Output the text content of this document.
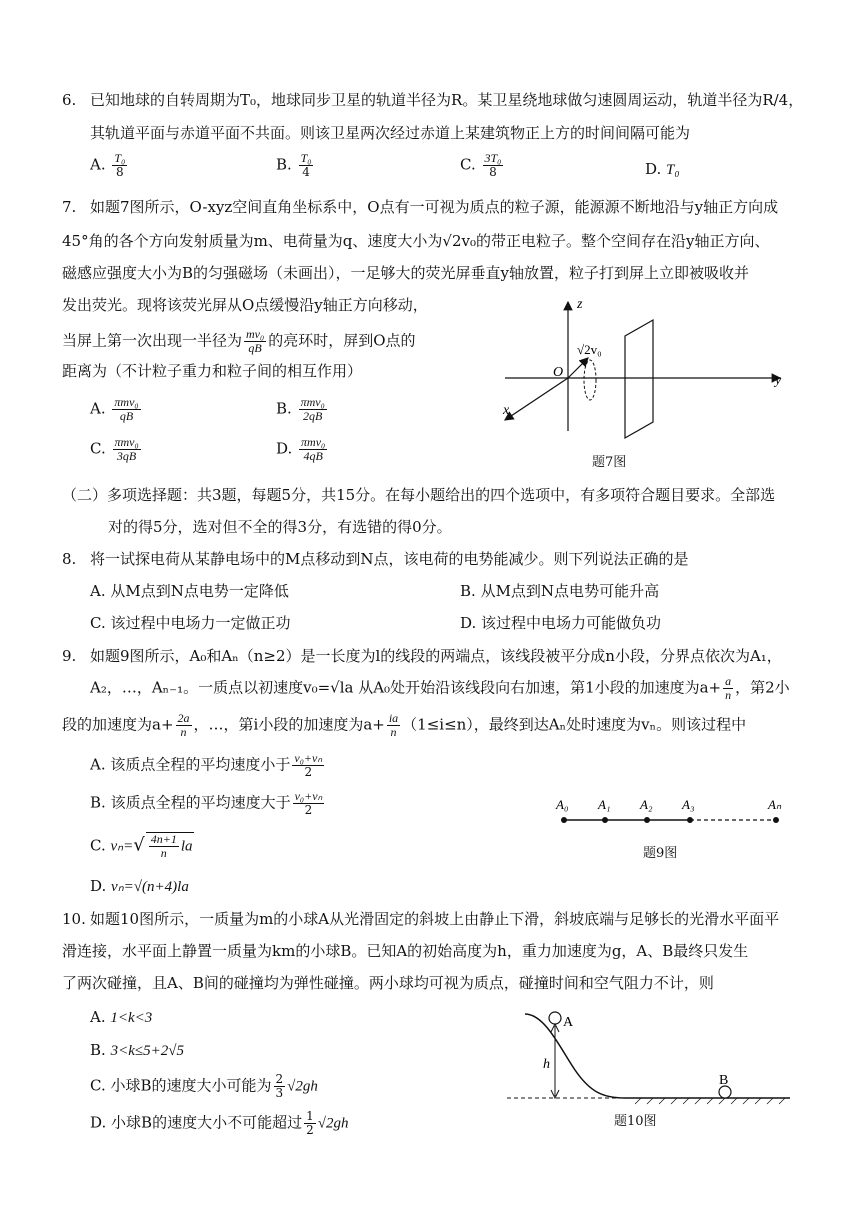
6. 已知地球的自转周期为T₀，地球同步卫星的轨道半径为R。某卫星绕地球做匀速圆周运动，轨道半径为R/4，
其轨道平面与赤道平面不共面。则该卫星两次经过赤道上某建筑物正上方的时间间隔可能为
A. $\frac{\text{T₀}}{8}$	B. $\frac{\text{T₀}}{4}$	C. $\frac{\text{3T₀}}{8}$	D. T₀
7. 如题7图所示，O-xyz空间直角坐标系中，O点有一可视为质点的粒子源，能源源不断地沿与y轴正方向成
45°角的各个方向发射质量为m、电荷量为q、速度大小为√2v₀的带正电粒子。整个空间存在沿y轴正方向、
磁感应强度大小为B的匀强磁场（未画出），一足够大的荧光屏垂直y轴放置，粒子打到屏上立即被吸收并
发出荧光。现将该荧光屏从O点缓慢沿y轴正方向移动，
当屏上第一次出现一半径为 $\frac{\text{mv₀}}{qB}$ 的亮环时，屏到O点的
距离为（不计粒子重力和粒子间的相互作用）
A. πmv₀
qB	B. πmv₀
2qB
C. πmv₀
3qB	D. πmv₀
4qB
z
y
x
O
√2v₀
题7图
（二）多项选择题：共3题，每题5分，共15分。在每小题给出的四个选项中，有多项符合题目要求。全部选
对的得5分，选对但不全的得3分，有选错的得0分。
8. 将一试探电荷从某静电场中的M点移动到N点，该电荷的电势能减少。则下列说法正确的是
A. 从M点到N点电势一定降低	B. 从M点到N点电势可能升高
C. 该过程中电场力一定做正功	D. 该过程中电场力可能做负功
9. 如题9图所示，A₀和Aₙ（n≥2）是一长度为l的线段的两端点，该线段被平分成n小段，分界点依次为A₁，
A₂，…，Aₙ₋₁。一质点以初速度v₀=√la 从A₀处开始沿该线段向右加速，第1小段的加速度为$a+ \frac{a}{n}$ ，第2小
段的加速度为$a+ \frac{2a}{n}$ ，…，第i小段的加速度为$a+ \frac{ia}{n} (1\le i\le n)$，最终到达Aₙ处时速度为vₙ。则该过程中
A. 该质点全程的平均速度小于 $\frac{\text{v₀+vₙ}}{2}$
B. 该质点全程的平均速度大于 $\frac{\text{v₀+vₙ}}{2}$
C. $v_n=√ \frac{4n+1}{n}$ la
D. vₙ=√(n+4)la
A₀ A₁ A₂ A₃	Aₙ
题9图
10. 如题10图所示，一质量为m的小球A从光滑固定的斜坡上由静止下滑，斜坡底端与足够长的光滑水平面平
滑连接，水平面上静置一质量为km的小球B。已知A的初始高度为h，重力加速度为g，A、B最终只发生
了两次碰撞，且A、B间的碰撞均为弹性碰撞。两小球均可视为质点，碰撞时间和空气阻力不计，则
A. 1<k<3
B. 3<k≤5+2√5
C. 小球B的速度大小可能为 $\frac{2}{3} √2gh$
D. 小球B的速度大小不可能超过 $\frac{1}{2} √2gh$
A
B
h
题10图
